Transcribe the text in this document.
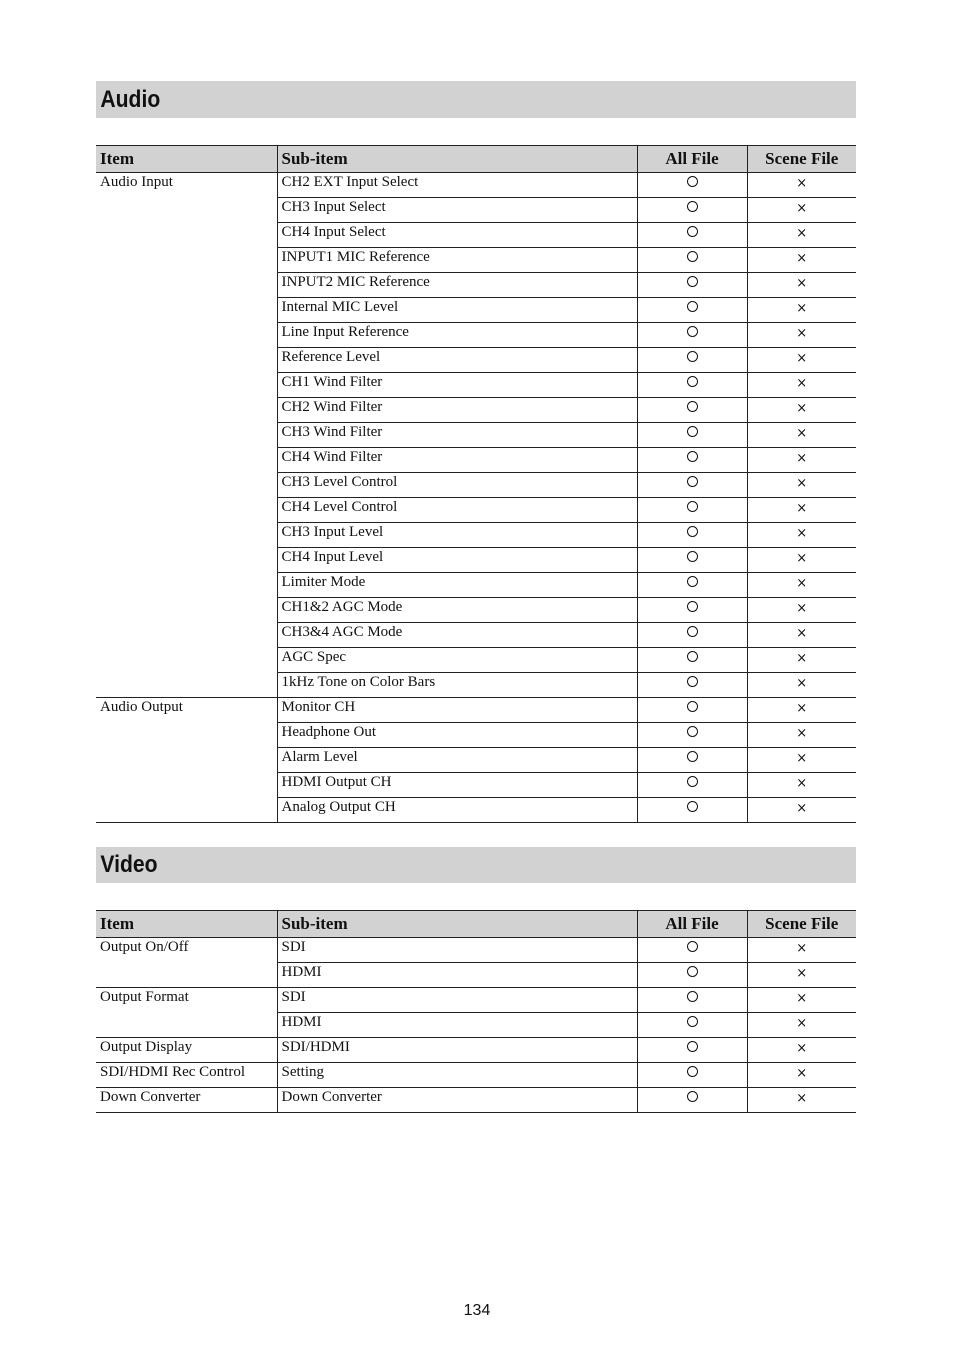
Audio
Item	Sub-item	All File	Scene File
Audio Input	CH2 EXT Input Select		×
	CH3 Input Select		×
	CH4 Input Select		×
	INPUT1 MIC Reference		×
	INPUT2 MIC Reference		×
	Internal MIC Level		×
	Line Input Reference		×
	Reference Level		×
	CH1 Wind Filter		×
	CH2 Wind Filter		×
	CH3 Wind Filter		×
	CH4 Wind Filter		×
	CH3 Level Control		×
	CH4 Level Control		×
	CH3 Input Level		×
	CH4 Input Level		×
	Limiter Mode		×
	CH1&2 AGC Mode		×
	CH3&4 AGC Mode		×
	AGC Spec		×
	1kHz Tone on Color Bars		×
Audio Output	Monitor CH		×
	Headphone Out		×
	Alarm Level		×
	HDMI Output CH		×
	Analog Output CH		×
Video
Item	Sub-item	All File	Scene File
Output On/Off	SDI		×
	HDMI		×
Output Format	SDI		×
	HDMI		×
Output Display	SDI/HDMI		×
SDI/HDMI Rec Control	Setting		×
Down Converter	Down Converter		×
134
